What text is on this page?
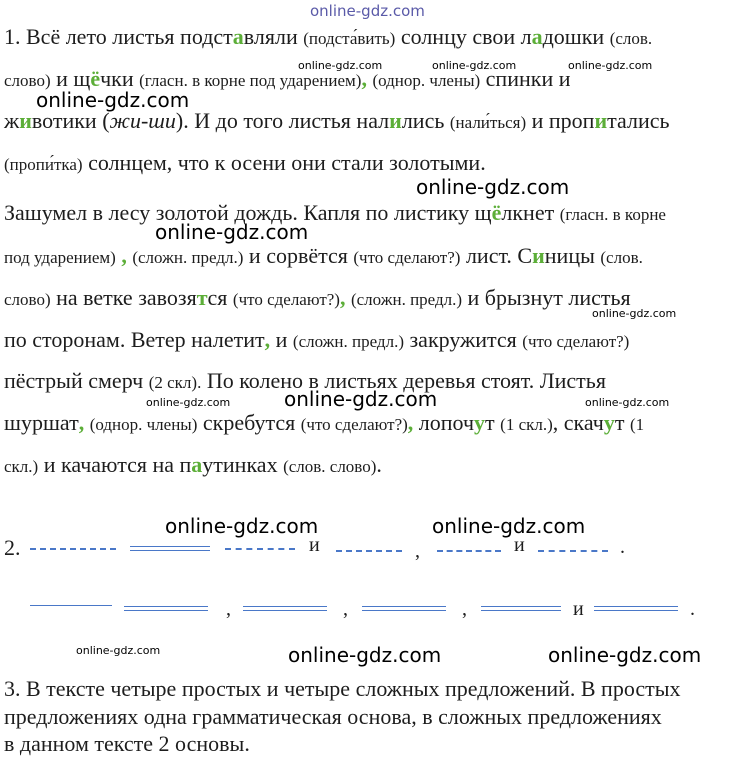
online-gdz.com
online-gdz.com	online-gdz.com	online-gdz.com
online-gdz.com
online-gdz.com
online-gdz.com
online-gdz.com
online-gdz.com
online-gdz.com	online-gdz.com
online-gdz.com	online-gdz.com
online-gdz.com	online-gdz.com	online-gdz.com
1. Всё лето листья подставляли (подста́вить) солнцу свои ладошки (слов.
слово) и щёчки (гласн. в корне под ударением), (однор. члены) спинки и
животики (жи-ши). И до того листья налились (нали́ться) и пропитались
(пропи́тка) солнцем, что к осени они стали золотыми.
Зашумел в лесу золотой дождь. Капля по листику щёлкнет (гласн. в корне
под ударением) , (сложн. предл.) и сорвётся (что сделают?) лист. Синицы (слов.
слово) на ветке завозятся (что сделают?), (сложн. предл.) и брызнут листья
по сторонам. Ветер налетит, и (сложн. предл.) закружится (что сделают?)
пёстрый смерч (2 скл). По колено в листьях деревья стоят. Листья
шуршат, (однор. члены) скребутся (что сделают?), лопочут (1 скл.), скачут (1
скл.) и качаются на паутинках (слов. слово).
2.	и	,	и	.
,	,	,	и	.
3. В тексте четыре простых и четыре сложных предложений. В простых
предложениях одна грамматическая основа, в сложных предложениях
в данном тексте 2 основы.
